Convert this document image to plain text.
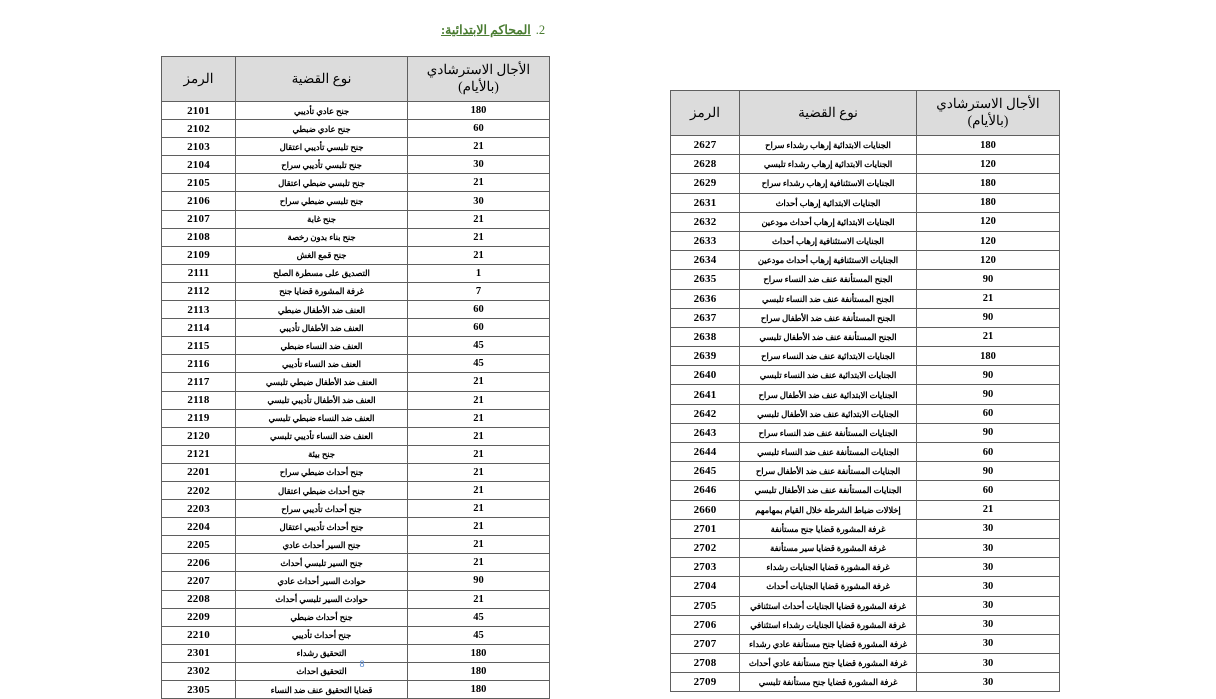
2.المحاكم الابتدائية:
الأجال الاسترشادي
(بالأيام)	نوع القضية	الرمز
180	جنح عادي تأديبي	2101
60	جنح عادي ضبطي	2102
21	جنح تلبسي تأديبي اعتقال	2103
30	جنح تلبسي تأديبي سراح	2104
21	جنح تلبسي ضبطي اعتقال	2105
30	جنح تلبسي ضبطي سراح	2106
21	جنح غابة	2107
21	جنح بناء بدون رخصة	2108
21	جنح قمع الغش	2109
1	التصديق على مسطرة الصلح	2111
7	غرفة المشورة قضايا جنح	2112
60	العنف ضد الأطفال ضبطي	2113
60	العنف ضد الأطفال تأديبي	2114
45	العنف ضد النساء ضبطي	2115
45	العنف ضد النساء تأديبي	2116
21	العنف ضد الأطفال ضبطي تلبسي	2117
21	العنف ضد الأطفال تأديبي تلبسي	2118
21	العنف ضد النساء ضبطي تلبسي	2119
21	العنف ضد النساء تأديبي تلبسي	2120
21	جنح بيئة	2121
21	جنح أحداث ضبطي سراح	2201
21	جنح أحداث ضبطي اعتقال	2202
21	جنح أحداث تأديبي سراح	2203
21	جنح أحداث تأديبي اعتقال	2204
21	جنح السير أحداث عادي	2205
21	جنح السير تلبسي أحداث	2206
90	حوادث السير أحداث عادي	2207
21	حوادث السير تلبسي أحداث	2208
45	جنح أحداث ضبطي	2209
45	جنح أحداث تأديبي	2210
180	التحقيق رشداء	2301
180	التحقيق احداث	2302
180	قضايا التحقيق عنف ضد النساء	2305
الأجال الاسترشادي
(بالأيام)	نوع القضية	الرمز
180	الجنايات الابتدائية إرهاب رشداء سراح	2627
120	الجنايات الابتدائية إرهاب رشداء تلبسي	2628
180	الجنايات الاستئنافية إرهاب رشداء سراح	2629
180	الجنايات الابتدائية إرهاب أحداث	2631
120	الجنايات الابتدائية إرهاب أحداث مودعين	2632
120	الجنايات الاستئنافية إرهاب أحداث	2633
120	الجنايات الاستئنافية إرهاب أحداث مودعين	2634
90	الجنح المستأنفة عنف ضد النساء سراح	2635
21	الجنح المستأنفة عنف ضد النساء تلبسي	2636
90	الجنح المستأنفة عنف ضد الأطفال سراح	2637
21	الجنح المستأنفة عنف ضد الأطفال تلبسي	2638
180	الجنايات الابتدائية عنف ضد النساء سراح	2639
90	الجنايات الابتدائية عنف ضد النساء تلبسي	2640
90	الجنايات الابتدائية عنف ضد الأطفال سراح	2641
60	الجنايات الابتدائية عنف ضد الأطفال تلبسي	2642
90	الجنايات المستأنفة عنف ضد النساء سراح	2643
60	الجنايات المستأنفة عنف ضد النساء تلبسي	2644
90	الجنايات المستأنفة عنف ضد الأطفال سراح	2645
60	الجنايات المستأنفة عنف ضد الأطفال تلبسي	2646
21	إخلالات ضباط الشرطة خلال القيام بمهامهم	2660
30	غرفة المشورة قضايا جنح مستأنفة	2701
30	غرفة المشورة قضايا سير مستأنفة	2702
30	غرفة المشورة قضايا الجنايات رشداء	2703
30	غرفة المشورة قضايا الجنايات أحداث	2704
30	غرفة المشورة قضايا الجنايات أحداث استئنافي	2705
30	غرفة المشورة قضايا الجنايات رشداء استئنافي	2706
30	غرفة المشورة قضايا جنح مستأنفة عادي رشداء	2707
30	غرفة المشورة قضايا جنح مستأنفة عادي أحداث	2708
30	غرفة المشورة قضايا جنح مستأنفة تلبسي	2709
8
